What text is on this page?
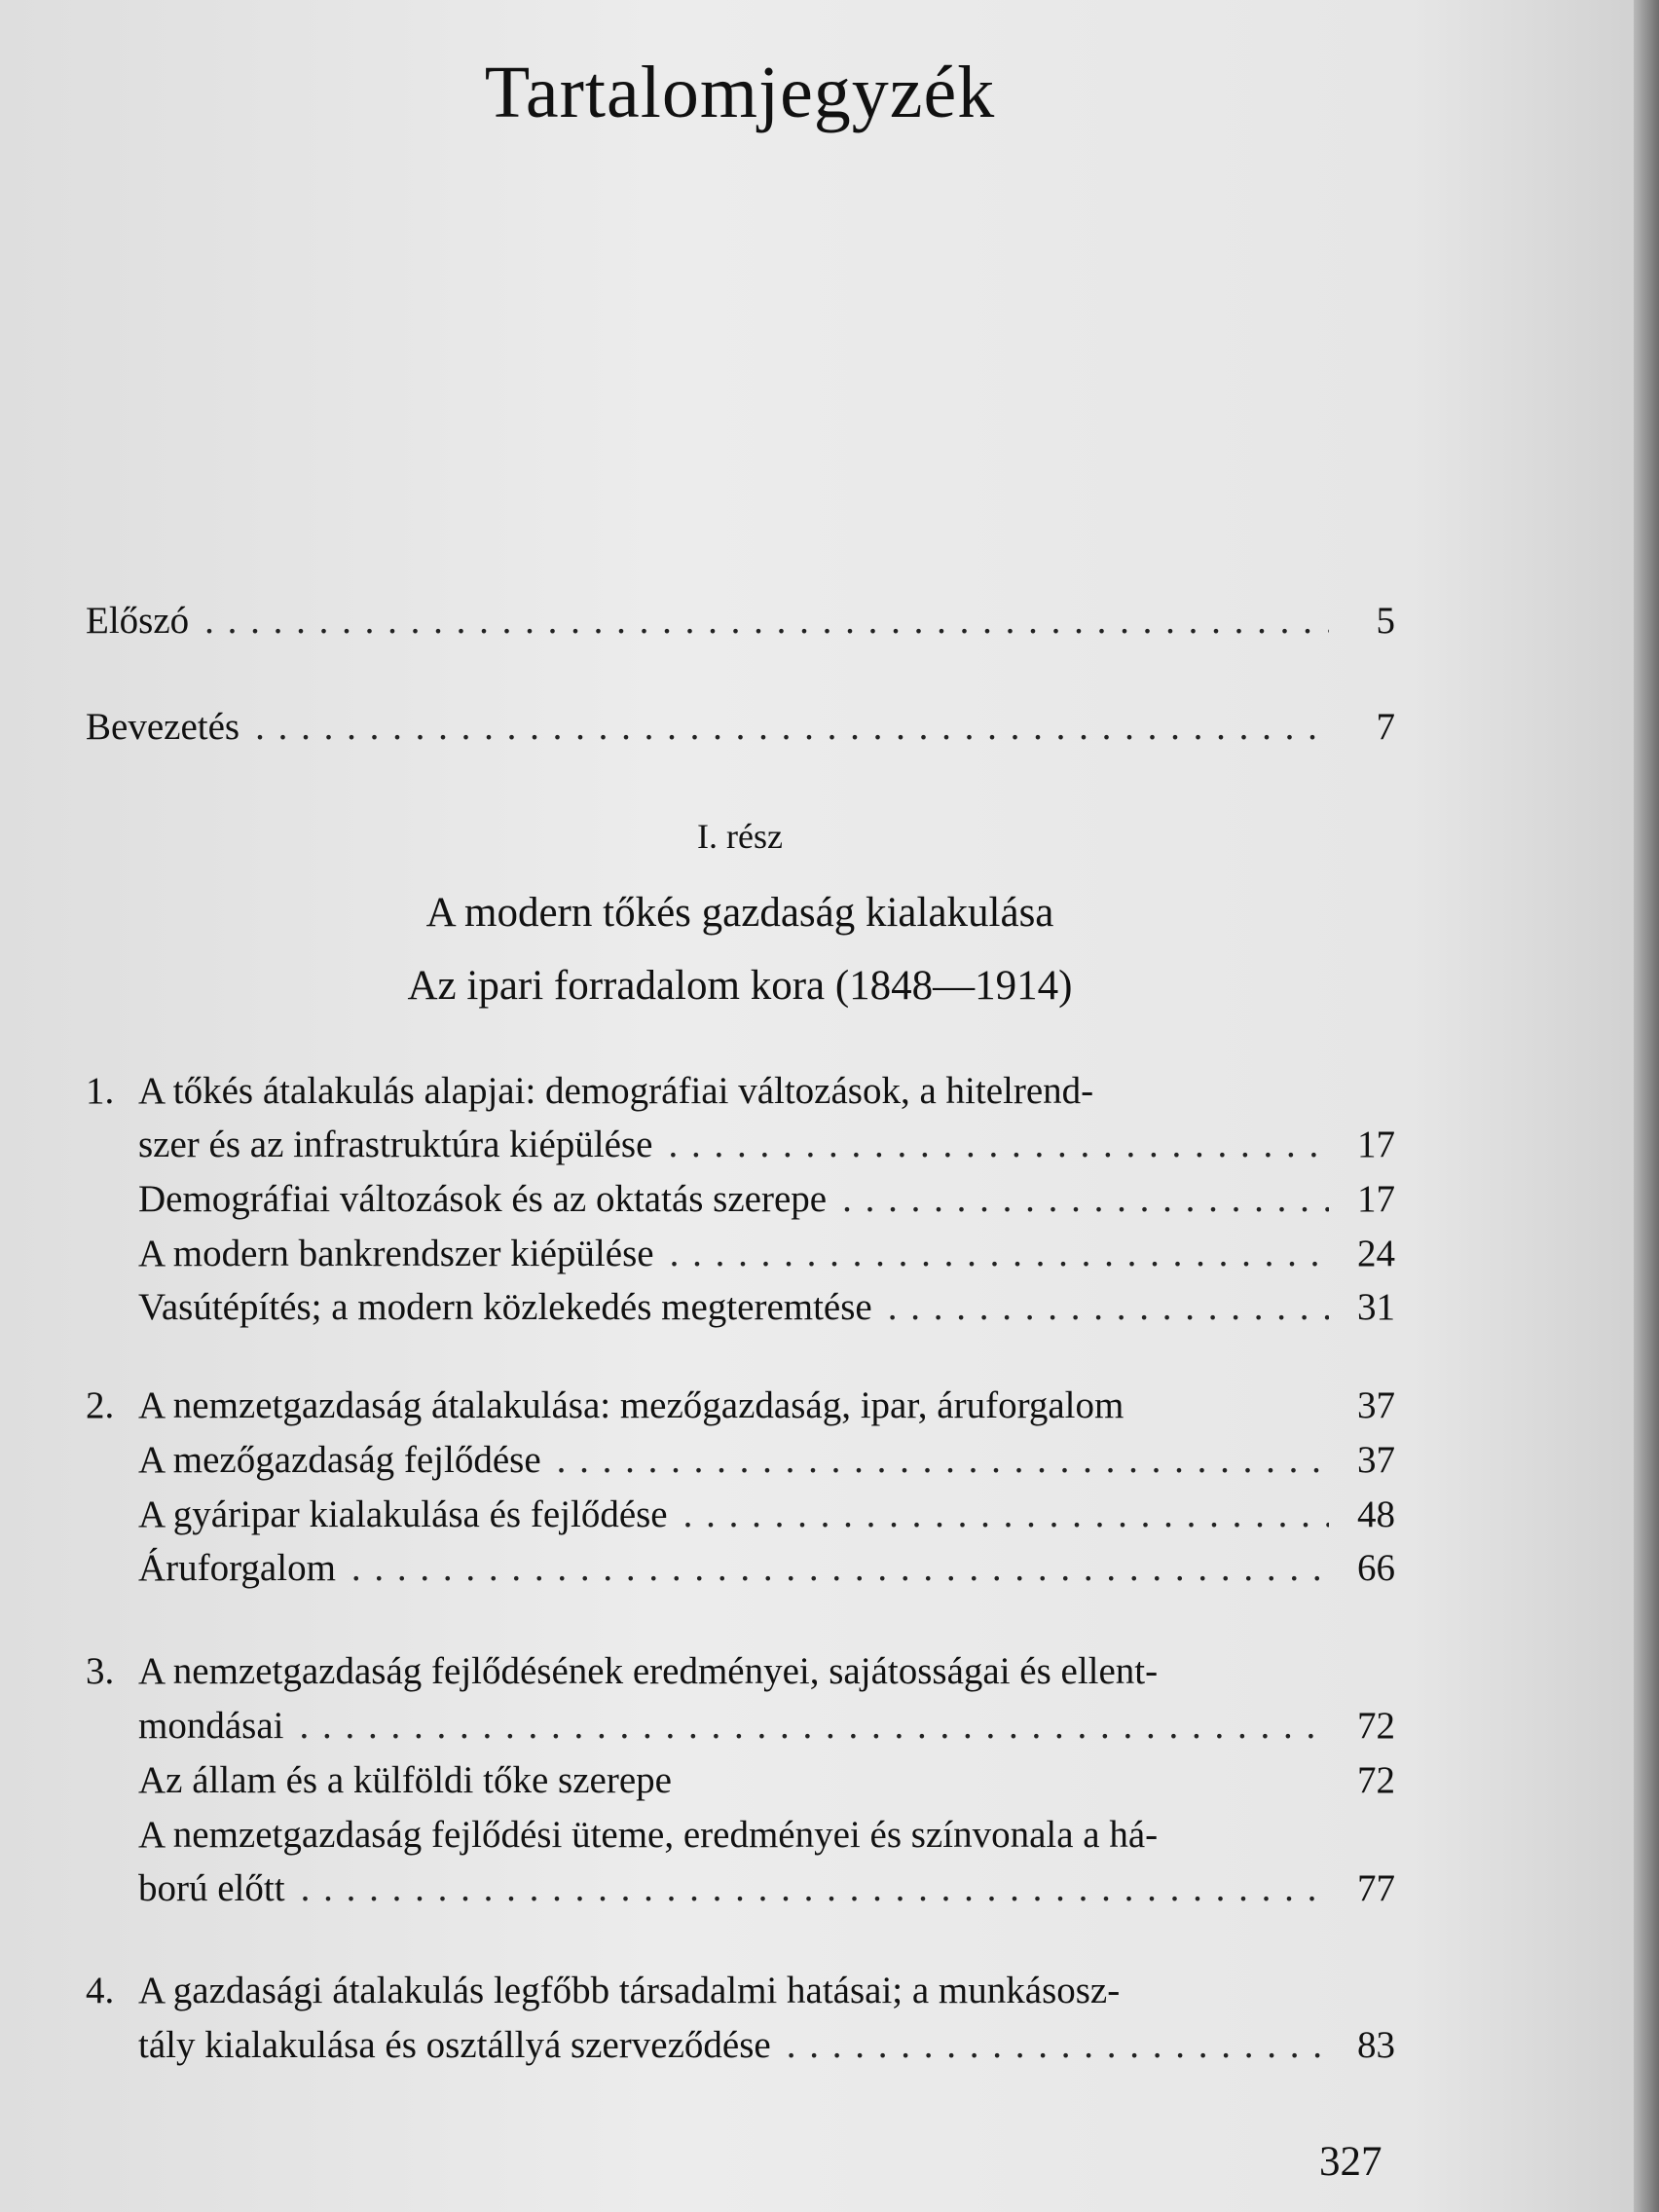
Tartalomjegyzék
Előszó . . .	5
Bevezetés . . .	7
I. rész
A modern tőkés gazdaság kialakulása
Az ipari forradalom kora (1848—1914)
1. A tőkés átalakulás alapjai: demográfiai változások, a hitelrend-
szer és az infrastruktúra kiépülése . . .	17
Demográfiai változások és az oktatás szerepe . . .	17
A modern bankrendszer kiépülése . . .	24
Vasútépítés; a modern közlekedés megteremtése . . .	31
2. A nemzetgazdaság átalakulása: mezőgazdaság, ipar, áruforgalom	37
A mezőgazdaság fejlődése . . .	37
A gyáripar kialakulása és fejlődése . . .	48
Áruforgalom . . .	66
3. A nemzetgazdaság fejlődésének eredményei, sajátosságai és ellent-
mondásai . . .	72
Az állam és a külföldi tőke szerepe	72
A nemzetgazdaság fejlődési üteme, eredményei és színvonala a há-
ború előtt . . .	77
4. A gazdasági átalakulás legfőbb társadalmi hatásai; a munkásosz-
tály kialakulása és osztállyá szerveződése . . .	83
327
